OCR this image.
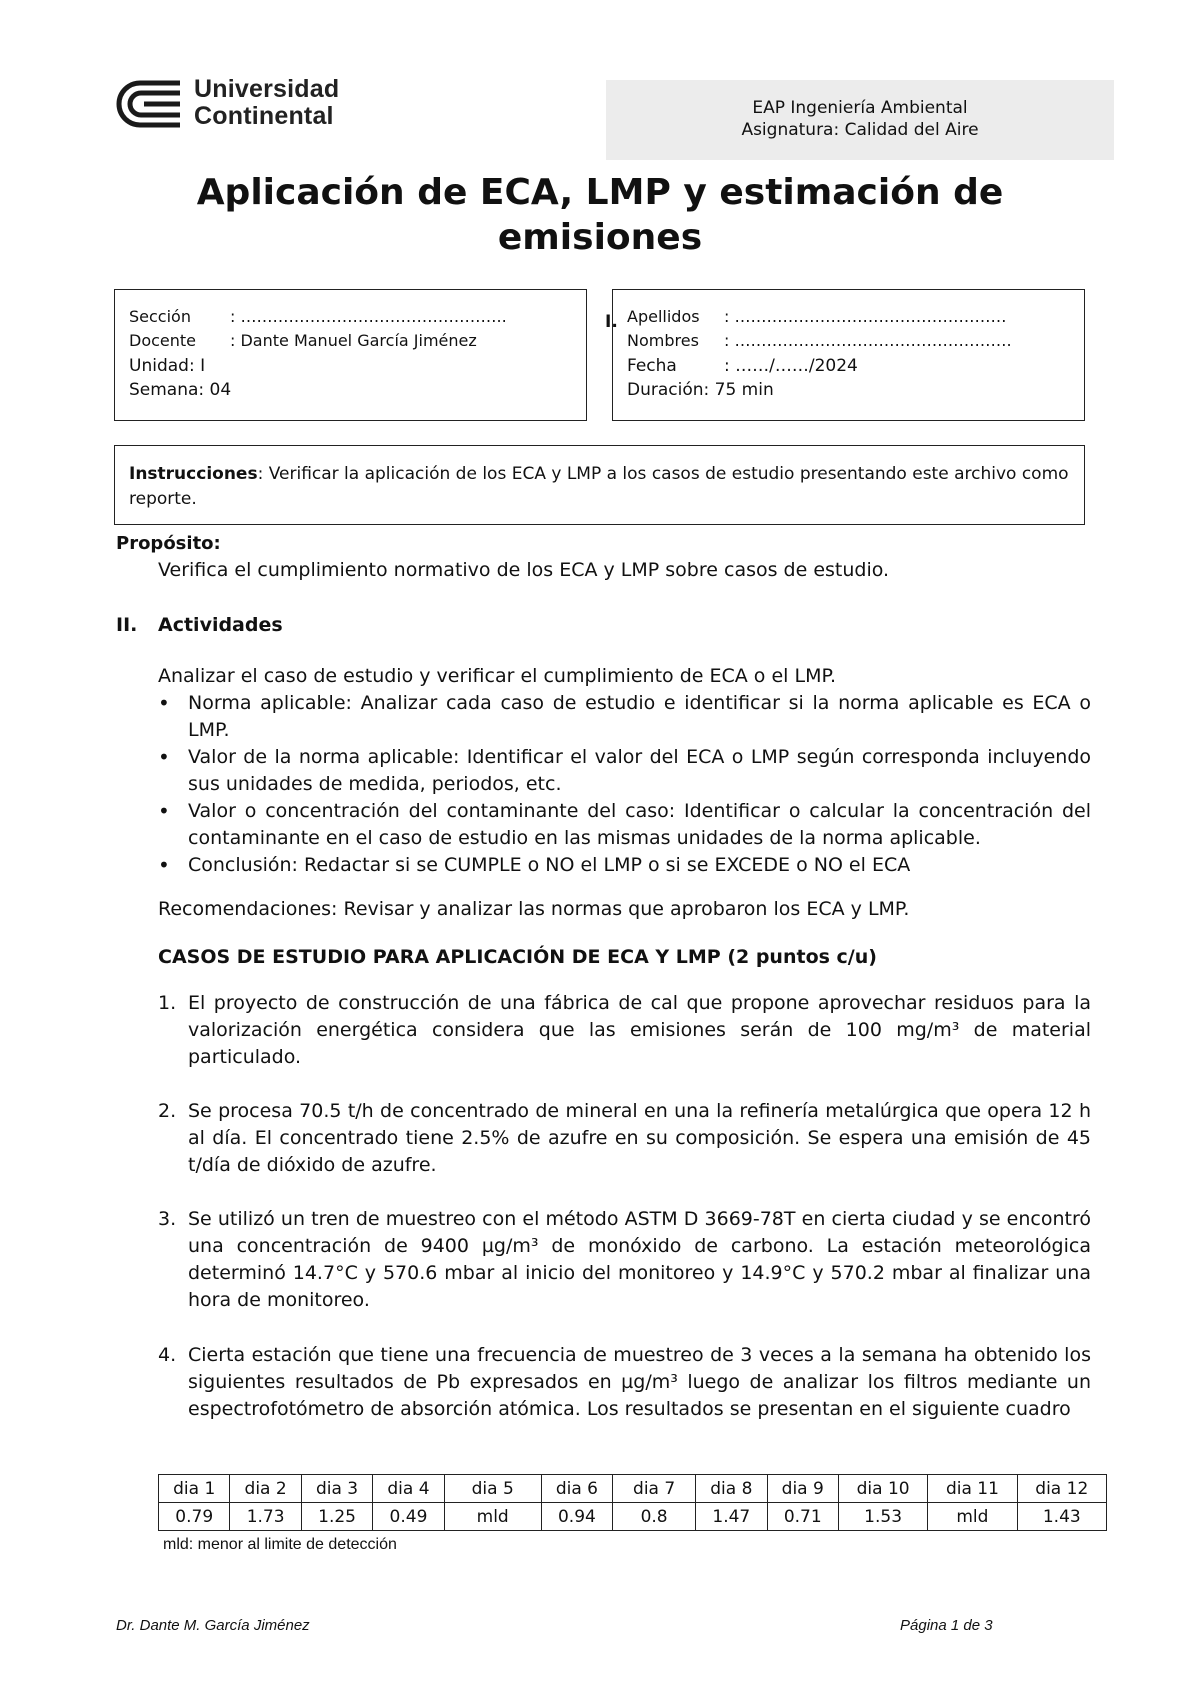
Universidad
Continental	EAP Ingeniería Ambiental
Asignatura: Calidad del Aire
Aplicación de ECA, LMP y estimación de
emisiones
Sección : …………………………………………..
Docente : Dante Manuel García Jiménez
Unidad: I
Semana: 04
I. Apellidos : ……………………………………………
Nombres : …………………………………………….
Fecha	: ……/……/2024
Duración: 75 min
Instrucciones: Verificar la aplicación de los ECA y LMP a los casos de estudio presentando este archivo como reporte.
Propósito:
Verifica el cumplimiento normativo de los ECA y LMP sobre casos de estudio.
II. Actividades
Analizar el caso de estudio y verificar el cumplimiento de ECA o el LMP.
• Norma aplicable: Analizar cada caso de estudio e identificar si la norma aplicable es ECA o LMP.
• Valor de la norma aplicable: Identificar el valor del ECA o LMP según corresponda incluyendo sus unidades de medida, periodos, etc.
• Valor o concentración del contaminante del caso: Identificar o calcular la concentración del contaminante en el caso de estudio en las mismas unidades de la norma aplicable.
• Conclusión: Redactar si se CUMPLE o NO el LMP o si se EXCEDE o NO el ECA
Recomendaciones: Revisar y analizar las normas que aprobaron los ECA y LMP.
CASOS DE ESTUDIO PARA APLICACIÓN DE ECA Y LMP (2 puntos c/u)
1. El proyecto de construcción de una fábrica de cal que propone aprovechar residuos para la valorización energética considera que las emisiones serán de 100 mg/m³ de material particulado.
2. Se procesa 70.5 t/h de concentrado de mineral en una la refinería metalúrgica que opera 12 h al día. El concentrado tiene 2.5% de azufre en su composición. Se espera una emisión de 45 t/día de dióxido de azufre.
3. Se utilizó un tren de muestreo con el método ASTM D 3669-78T en cierta ciudad y se encontró una concentración de 9400 µg/m³ de monóxido de carbono. La estación meteorológica determinó 14.7°C y 570.6 mbar al inicio del monitoreo y 14.9°C y 570.2 mbar al finalizar una hora de monitoreo.
4. Cierta estación que tiene una frecuencia de muestreo de 3 veces a la semana ha obtenido los siguientes resultados de Pb expresados en µg/m³ luego de analizar los filtros mediante un espectrofotómetro de absorción atómica. Los resultados se presentan en el siguiente cuadro
dia 1	dia 2	dia 3	dia 4	dia 5	dia 6	dia 7	dia 8	dia 9	dia 10	dia 11	dia 12
0.79	1.73	1.25	0.49	mld	0.94	0.8	1.47	0.71	1.53	mld	1.43
mld: menor al limite de detección
Dr. Dante M. García Jiménez	Página 1 de 3
